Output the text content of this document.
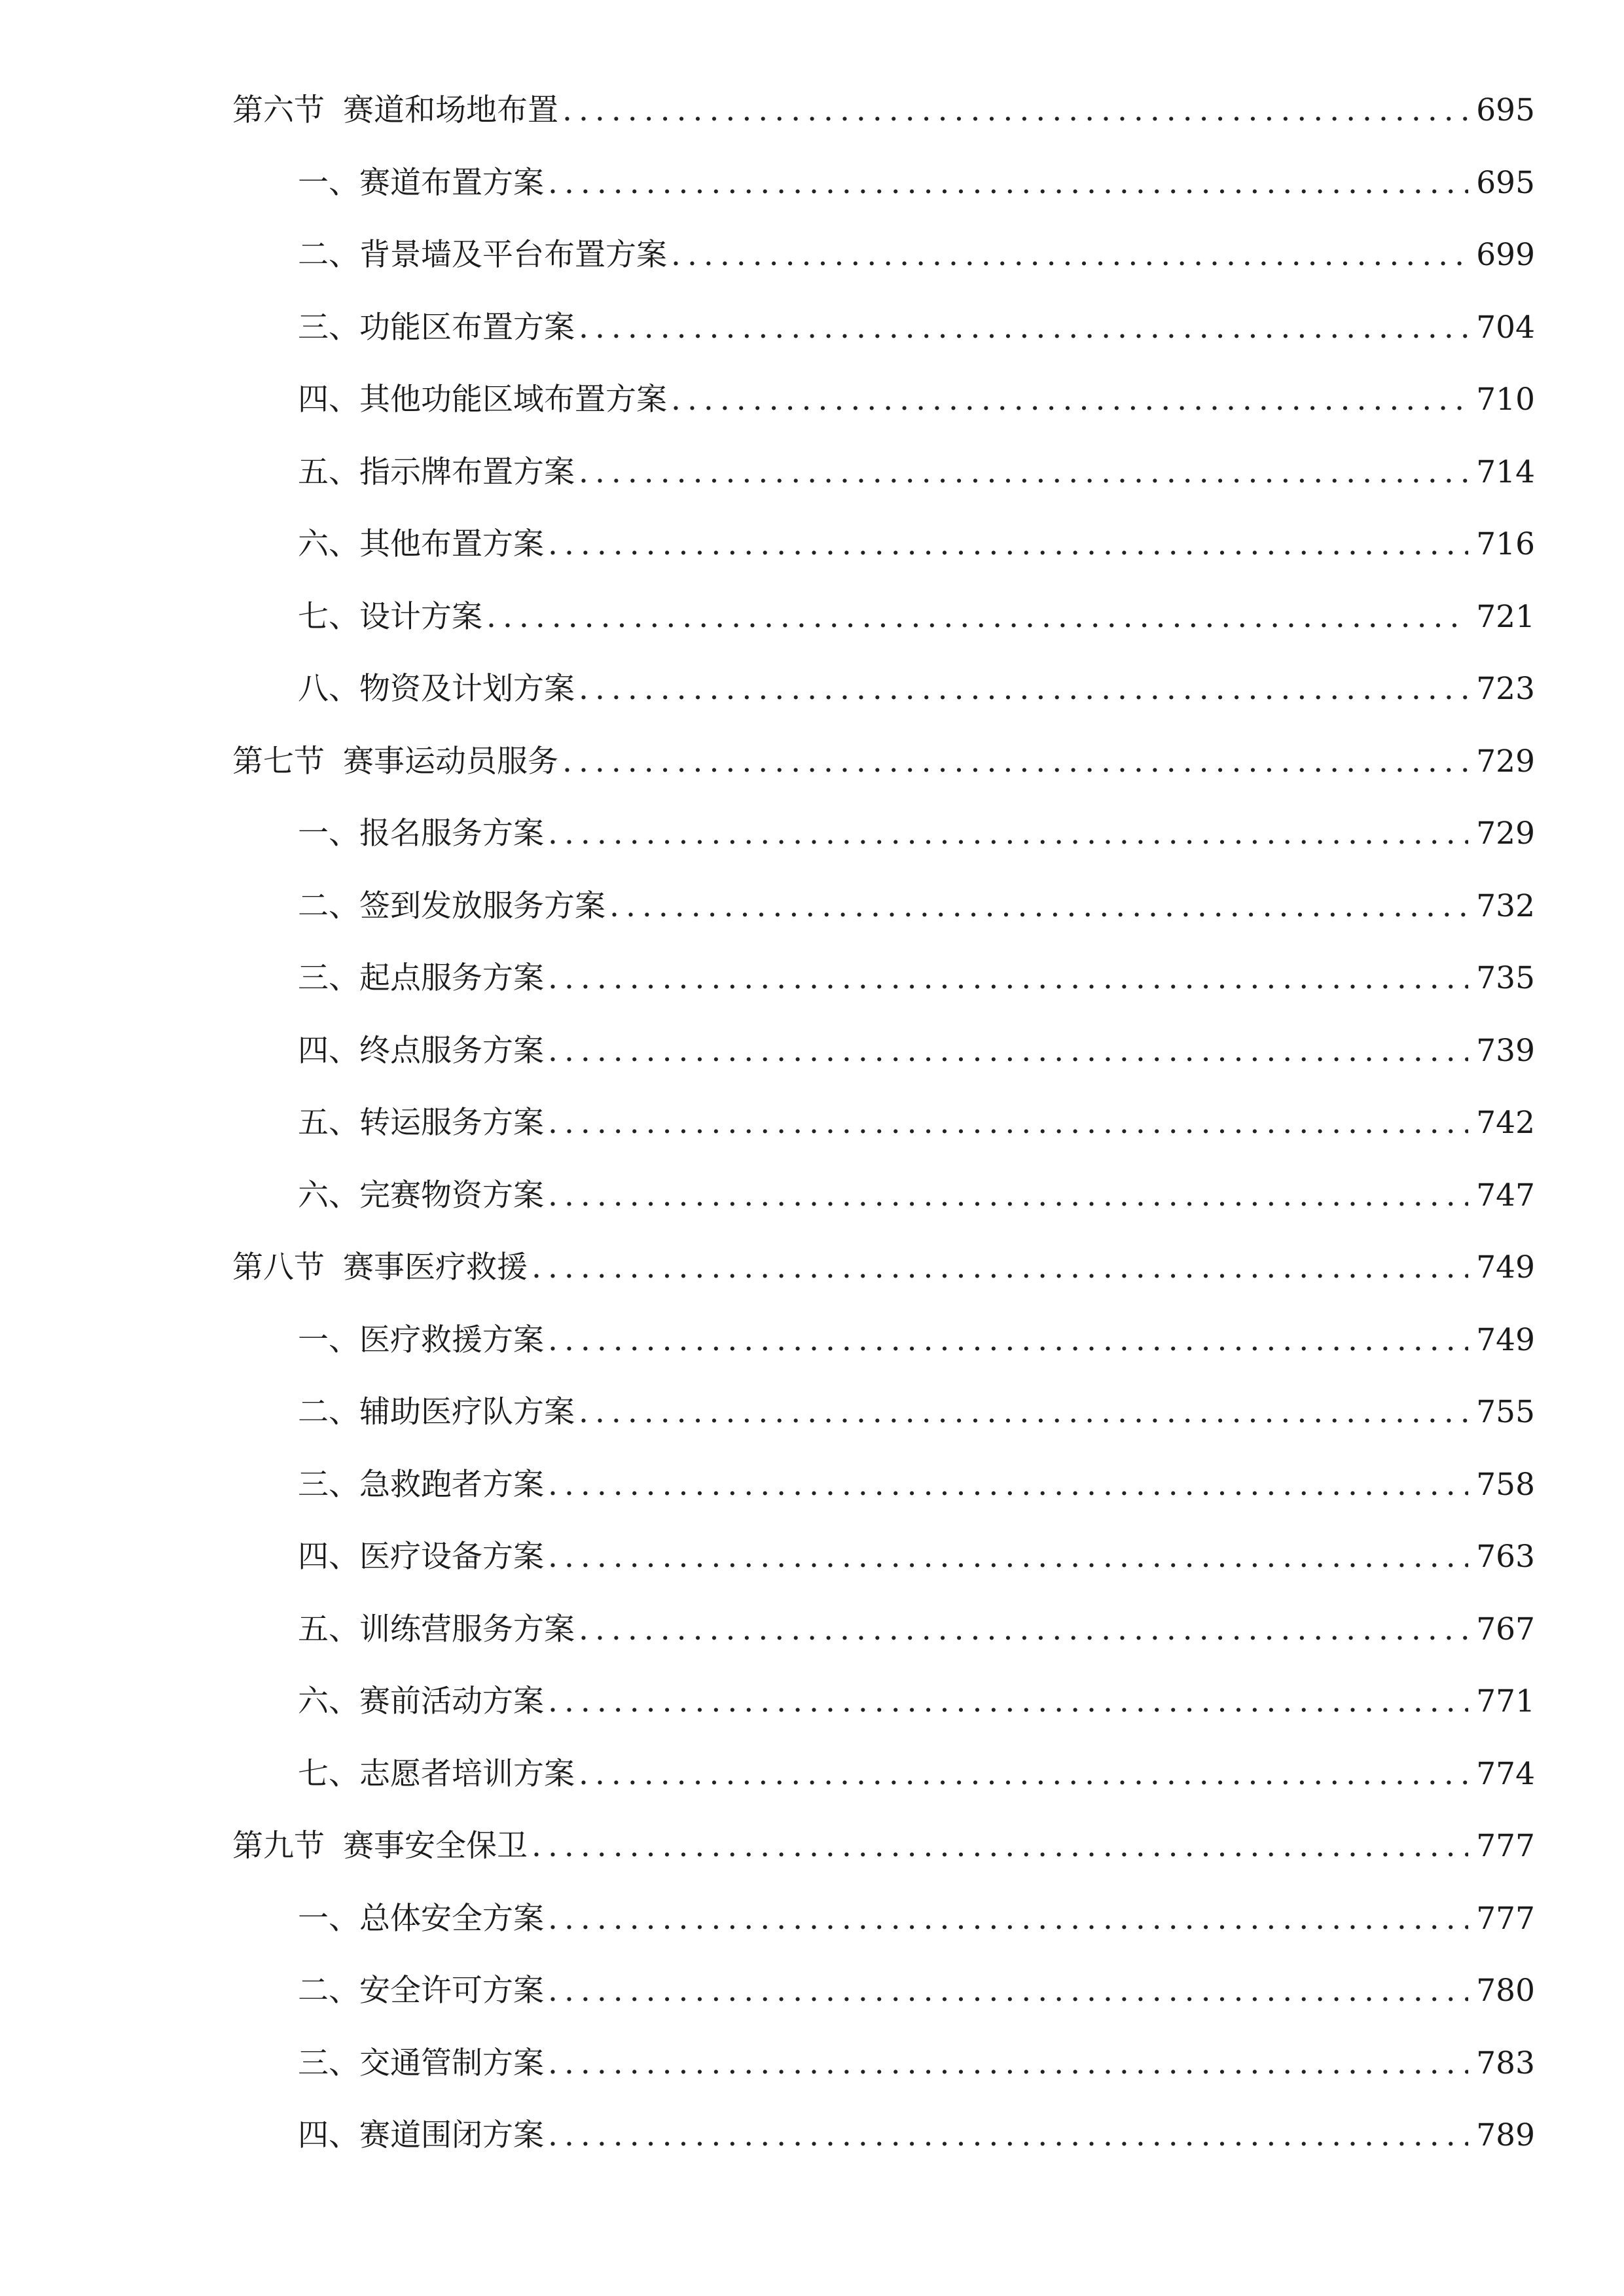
第六节 赛道和场地布置 .....	695
一、 赛道布置方案 .....	695
二、 背景墙及平台布置方案 .....	699
三、 功能区布置方案 .....	704
四、 其他功能区域布置方案 .....	710
五、 指示牌布置方案 .....	714
六、 其他布置方案 .....	716
七、 设计方案 .....	721
八、 物资及计划方案 .....	723
第七节 赛事运动员服务 .....	729
一、 报名服务方案 .....	729
二、 签到发放服务方案 .....	732
三、 起点服务方案 .....	735
四、 终点服务方案 .....	739
五、 转运服务方案 .....	742
六、 完赛物资方案 .....	747
第八节 赛事医疗救援 .....	749
一、 医疗救援方案 .....	749
二、 辅助医疗队方案 .....	755
三、 急救跑者方案 .....	758
四、 医疗设备方案 .....	763
五、 训练营服务方案 .....	767
六、 赛前活动方案 .....	771
七、 志愿者培训方案 .....	774
第九节 赛事安全保卫 .....	777
一、 总体安全方案 .....	777
二、 安全许可方案 .....	780
三、 交通管制方案 .....	783
四、 赛道围闭方案 .....	789
